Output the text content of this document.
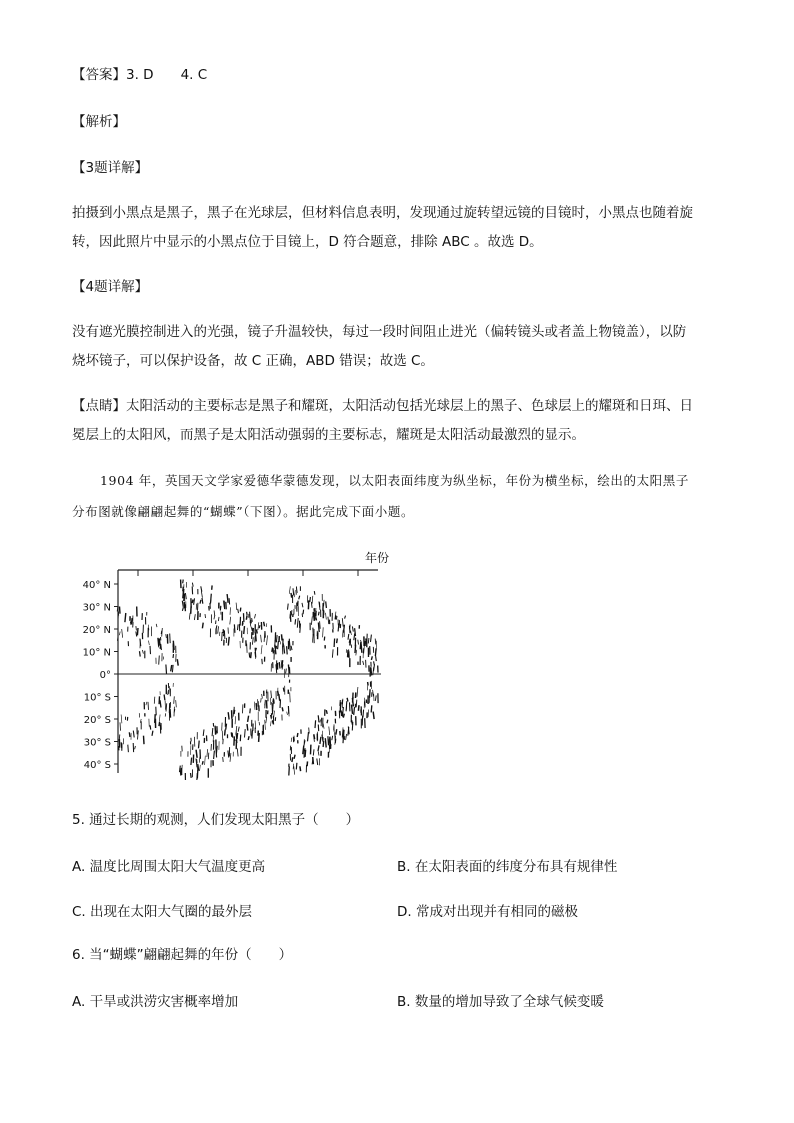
【答案】3. D　　4. C
【解析】
【3题详解】
拍摄到小黑点是黑子，黑子在光球层，但材料信息表明，发现通过旋转望远镜的目镜时，小黑点也随着旋
转，因此照片中显示的小黑点位于目镜上，D 符合题意，排除 ABC 。故选 D。
【4题详解】
没有遮光膜控制进入的光强，镜子升温较快，每过一段时间阻止进光（偏转镜头或者盖上物镜盖），以防
烧坏镜子，可以保护设备，故 C 正确，ABD 错误；故选 C。
【点睛】太阳活动的主要标志是黑子和耀斑，太阳活动包括光球层上的黑子、色球层上的耀斑和日珥、日
冕层上的太阳风，而黑子是太阳活动强弱的主要标志，耀斑是太阳活动最激烈的显示。
1904 年，英国天文学家爱德华蒙德发现，以太阳表面纬度为纵坐标，年份为横坐标，绘出的太阳黑子
分布图就像翩翩起舞的“蝴蝶”（下图）。据此完成下面小题。
40° N
30° N
20° N
10° N
0°
10° S
20° S
30° S
40° S
年份
5. 通过长期的观测，人们发现太阳黑子（　　）
A. 温度比周围太阳大气温度更高	B. 在太阳表面的纬度分布具有规律性
C. 出现在太阳大气圈的最外层	D. 常成对出现并有相同的磁极
6. 当“蝴蝶”翩翩起舞的年份（　　）
A. 干旱或洪涝灾害概率增加	B. 数量的增加导致了全球气候变暖
